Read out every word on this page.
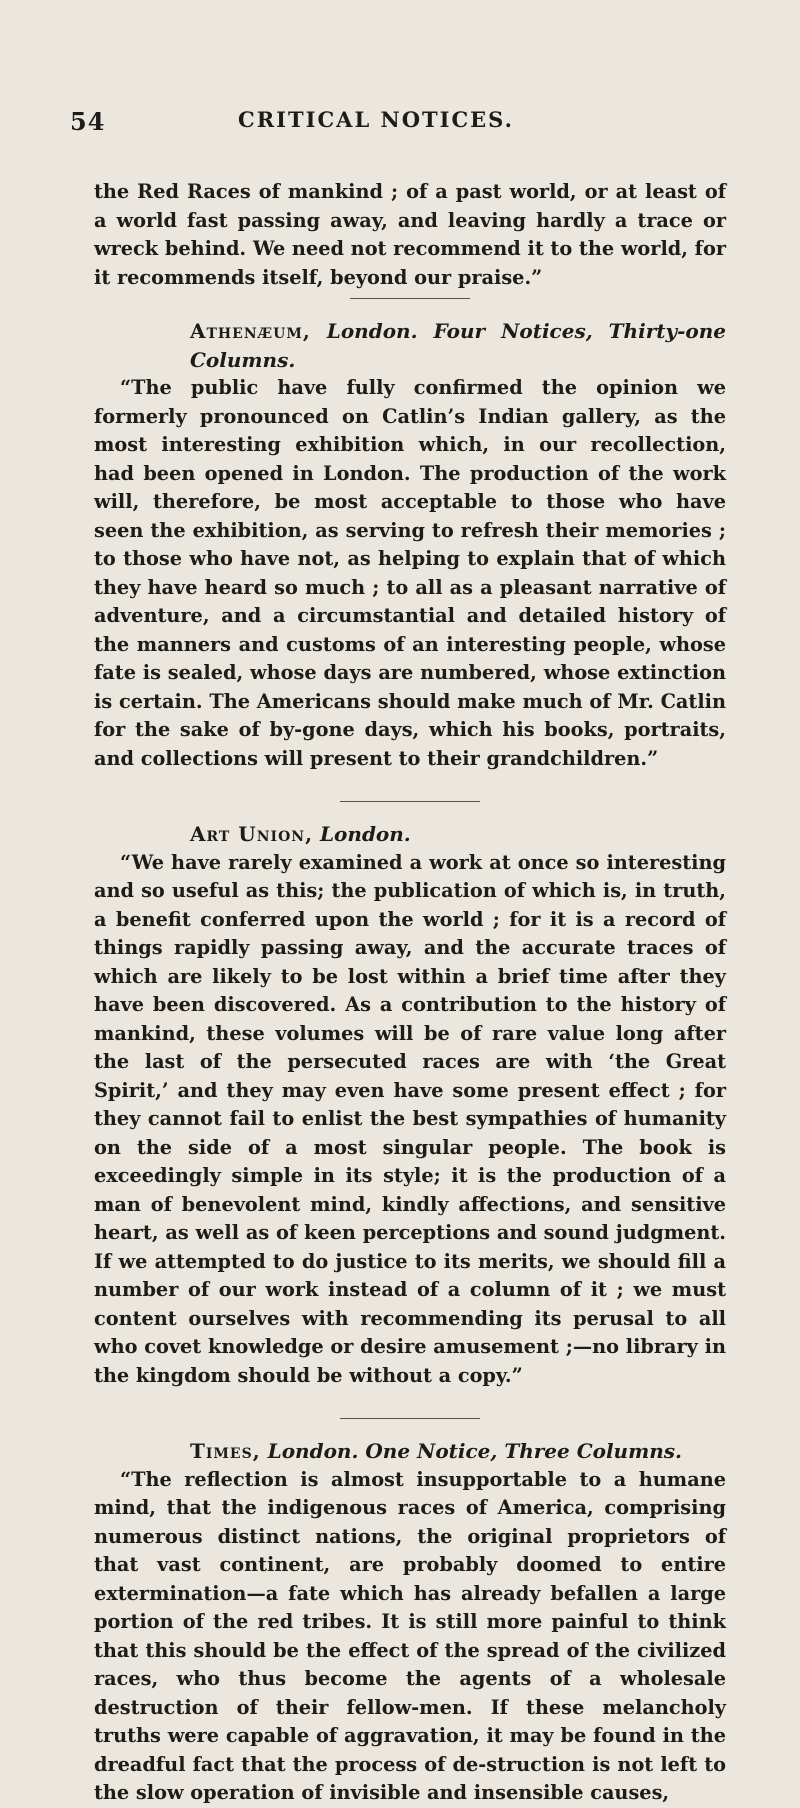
54	CRITICAL NOTICES.

the Red Races of mankind ; of a past world, or at least of a world fast passing away, and leaving hardly a trace or wreck behind. We need not recommend it to the world, for it recommends itself, beyond our praise.”

Athenæum, London. Four Notices, Thirty-one Columns.

“The public have fully confirmed the opinion we formerly pronounced on Catlin’s Indian gallery, as the most interesting exhibition which, in our recollection, had been opened in London. The production of the work will, therefore, be most acceptable to those who have seen the exhibition, as serving to refresh their memories ; to those who have not, as helping to explain that of which they have heard so much ; to all as a pleasant narrative of adventure, and a circumstantial and detailed history of the manners and customs of an interesting people, whose fate is sealed, whose days are numbered, whose extinction is certain. The Americans should make much of Mr. Catlin for the sake of by-gone days, which his books, portraits, and collections will present to their grandchildren.”

Art Union, London.

“We have rarely examined a work at once so interesting and so useful as this; the publication of which is, in truth, a benefit conferred upon the world ; for it is a record of things rapidly passing away, and the accurate traces of which are likely to be lost within a brief time after they have been discovered. As a contribution to the history of mankind, these volumes will be of rare value long after the last of the persecuted races are with ‘the Great Spirit,’ and they may even have some present effect ; for they cannot fail to enlist the best sympathies of humanity on the side of a most singular people. The book is exceedingly simple in its style; it is the production of a man of benevolent mind, kindly affections, and sensitive heart, as well as of keen perceptions and sound judgment. If we attempted to do justice to its merits, we should fill a number of our work instead of a column of it ; we must content ourselves with recommending its perusal to all who covet knowledge or desire amusement ;—no library in the kingdom should be without a copy.”

Times, London. One Notice, Three Columns.

“The reflection is almost insupportable to a humane mind, that the indigenous races of America, comprising numerous distinct nations, the original proprietors of that vast continent, are probably doomed to entire extermination—a fate which has already befallen a large portion of the red tribes. It is still more painful to think that this should be the effect of the spread of the civilized races, who thus become the agents of a wholesale destruction of their fellow-men. If these melancholy truths were capable of aggravation, it may be found in the dreadful fact that the process of de-struction is not left to the slow operation of invisible and insensible causes,
